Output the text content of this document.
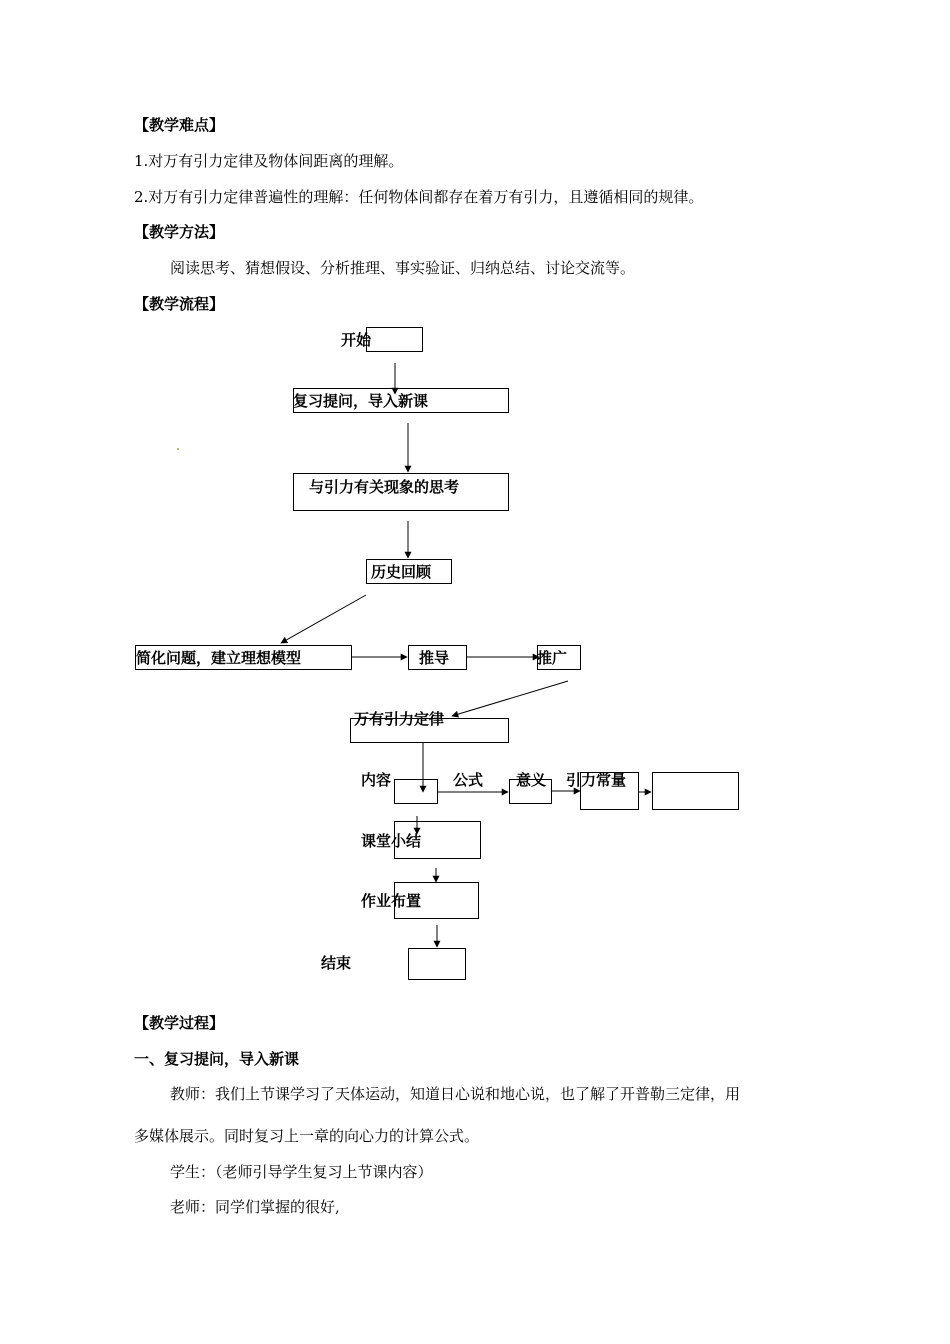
【教学难点】
1.对万有引力定律及物体间距离的理解。
2.对万有引力定律普遍性的理解：任何物体间都存在着万有引力，且遵循相同的规律。
【教学方法】
阅读思考、猜想假设、分析推理、事实验证、归纳总结、讨论交流等。
【教学流程】
开始
复习提问，导入新课
与引力有关现象的思考
历史回顾
简化问题，建立理想模型	推导	推广
万有引力定律
内容	公式 意义 引力常量
课堂小结
作业布置
结束
【教学过程】
一、复习提问，导入新课
教师：我们上节课学习了天体运动，知道日心说和地心说，也了解了开普勒三定律，用
多媒体展示。同时复习上一章的向心力的计算公式。
学生：（老师引导学生复习上节课内容）
老师：同学们掌握的很好,
